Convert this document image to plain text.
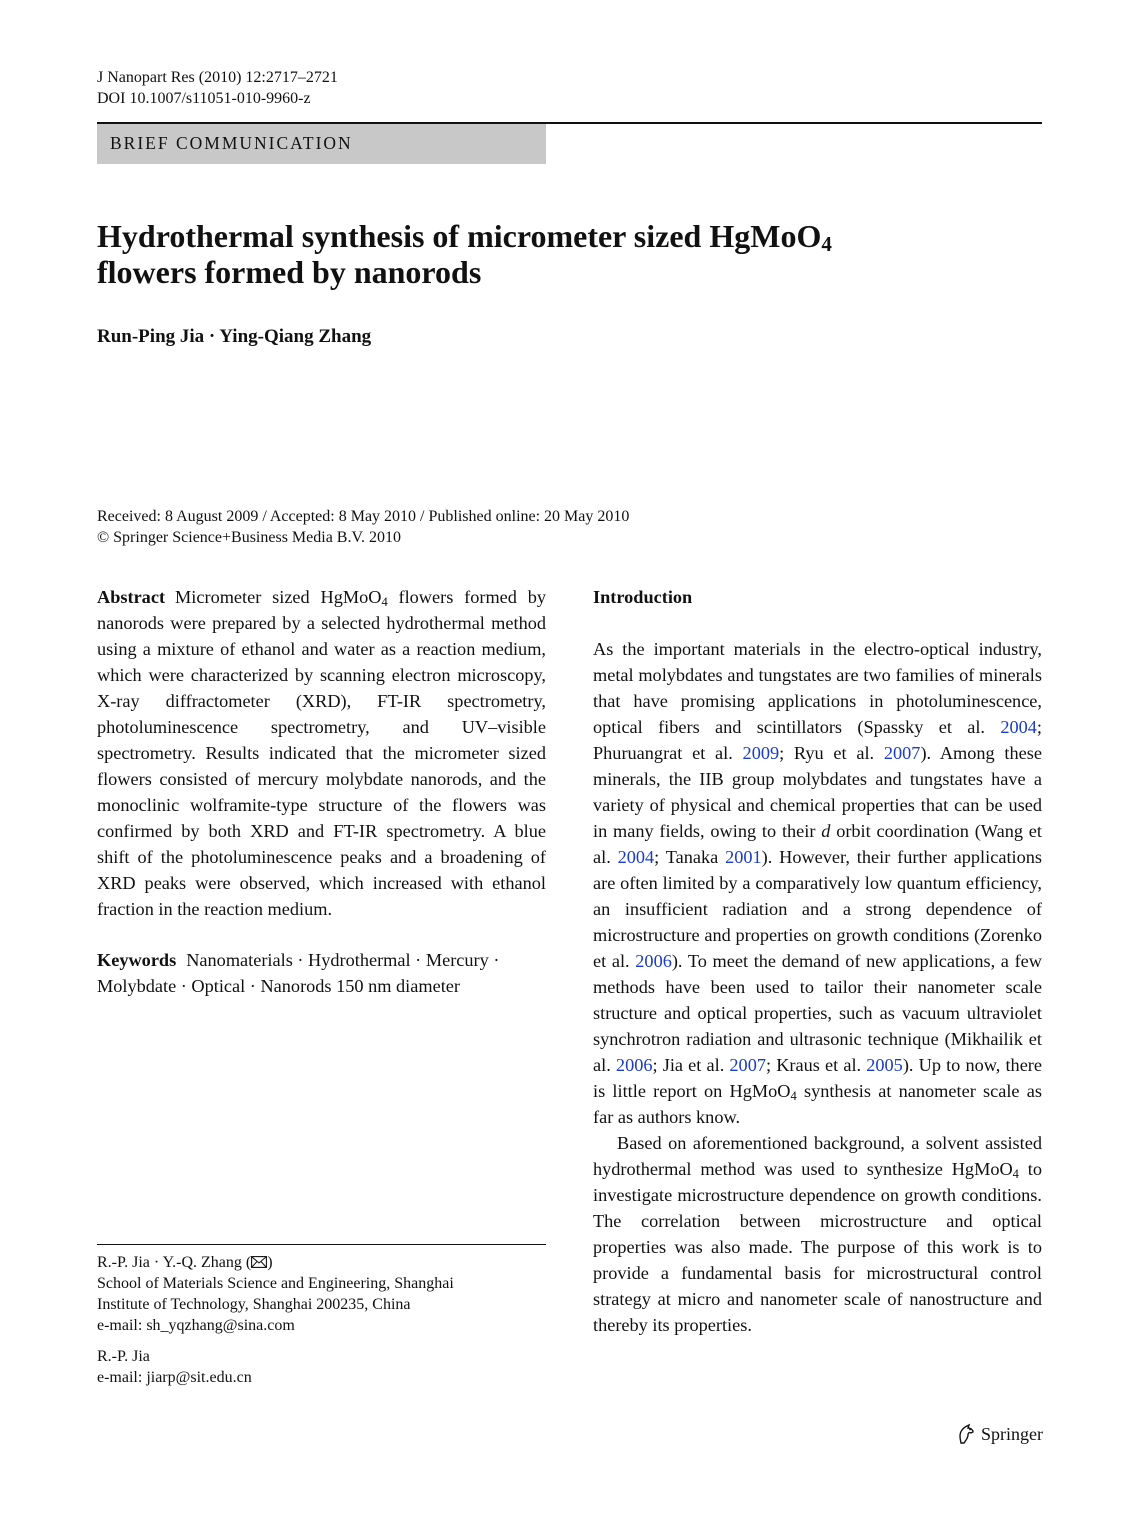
J Nanopart Res (2010) 12:2717–2721
DOI 10.1007/s11051-010-9960-z
BRIEF COMMUNICATION
Hydrothermal synthesis of micrometer sized HgMoO$_4$
flowers formed by nanorods
Run-Ping Jia · Ying-Qiang Zhang
Received: 8 August 2009 / Accepted: 8 May 2010 / Published online: 20 May 2010
© Springer Science+Business Media B.V. 2010

Abstract Micrometer sized HgMoO$_4$ flowers formed by nanorods were prepared by a selected hydrothermal method using a mixture of ethanol and water as a reaction medium, which were characterized by scanning electron microscopy, X-ray diffractometer (XRD), FT-IR spectrometry, photoluminescence spectrometry, and UV–visible spectrometry. Results indicated that the micrometer sized flowers consisted of mercury molybdate nanorods, and the monoclinic wolframite-type structure of the flowers was confirmed by both XRD and FT-IR spectrometry. A blue shift of the photoluminescence peaks and a broadening of XRD peaks were observed, which increased with ethanol fraction in the reaction medium.

Keywords Nanomaterials · Hydrothermal · Mercury · Molybdate · Optical · Nanorods 150 nm diameter

Introduction

As the important materials in the electro-optical industry, metal molybdates and tungstates are two families of minerals that have promising applications in photoluminescence, optical fibers and scintillators (Spassky et al. 2004; Phuruangrat et al. 2009; Ryu et al. 2007). Among these minerals, the IIB group molybdates and tungstates have a variety of physical and chemical properties that can be used in many fields, owing to their d orbit coordination (Wang et al. 2004; Tanaka 2001). However, their further applications are often limited by a comparatively low quantum efficiency, an insufficient radiation and a strong dependence of microstructure and properties on growth conditions (Zorenko et al. 2006). To meet the demand of new applications, a few methods have been used to tailor their nanometer scale structure and optical properties, such as vacuum ultraviolet synchrotron radiation and ultrasonic technique (Mikhailik et al. 2006; Jia et al. 2007; Kraus et al. 2005). Up to now, there is little report on HgMoO$_4$ synthesis at nanometer scale as far as authors know.

Based on aforementioned background, a solvent assisted hydrothermal method was used to synthesize HgMoO$_4$ to investigate microstructure dependence on growth conditions. The correlation between microstructure and optical properties was also made. The purpose of this work is to provide a fundamental basis for microstructural control strategy at micro and nanometer scale of nanostructure and thereby its properties.

R.-P. Jia · Y.-Q. Zhang ( )
School of Materials Science and Engineering, Shanghai
Institute of Technology, Shanghai 200235, China
e-mail: sh_yqzhang@sina.com
R.-P. Jia
e-mail: jiarp@sit.edu.cn
Springer
